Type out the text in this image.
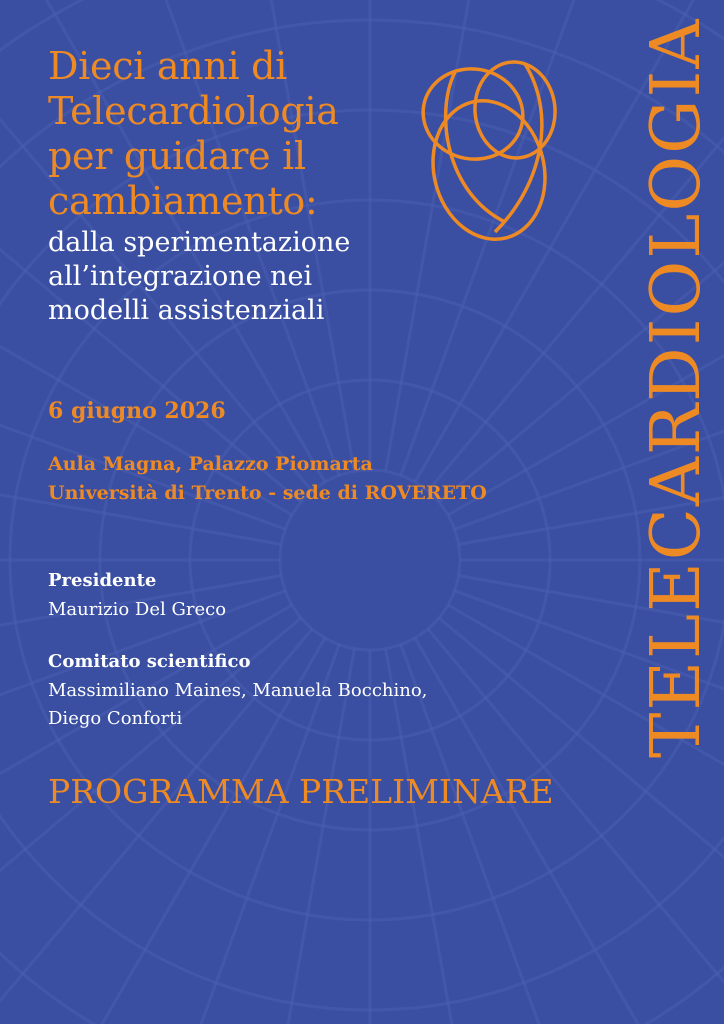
Dieci anni di
Telecardiologia
per guidare il
cambiamento:
dalla sperimentazione
all’integrazione nei
modelli assistenziali
6 giugno 2026
Aula Magna, Palazzo Piomarta
Università di Trento - sede di ROVERETO
Presidente
Maurizio Del Greco
Comitato scientifico
Massimiliano Maines, Manuela Bocchino,
Diego Conforti
PROGRAMMA PRELIMINARE
TELECARDIOLOGIA
